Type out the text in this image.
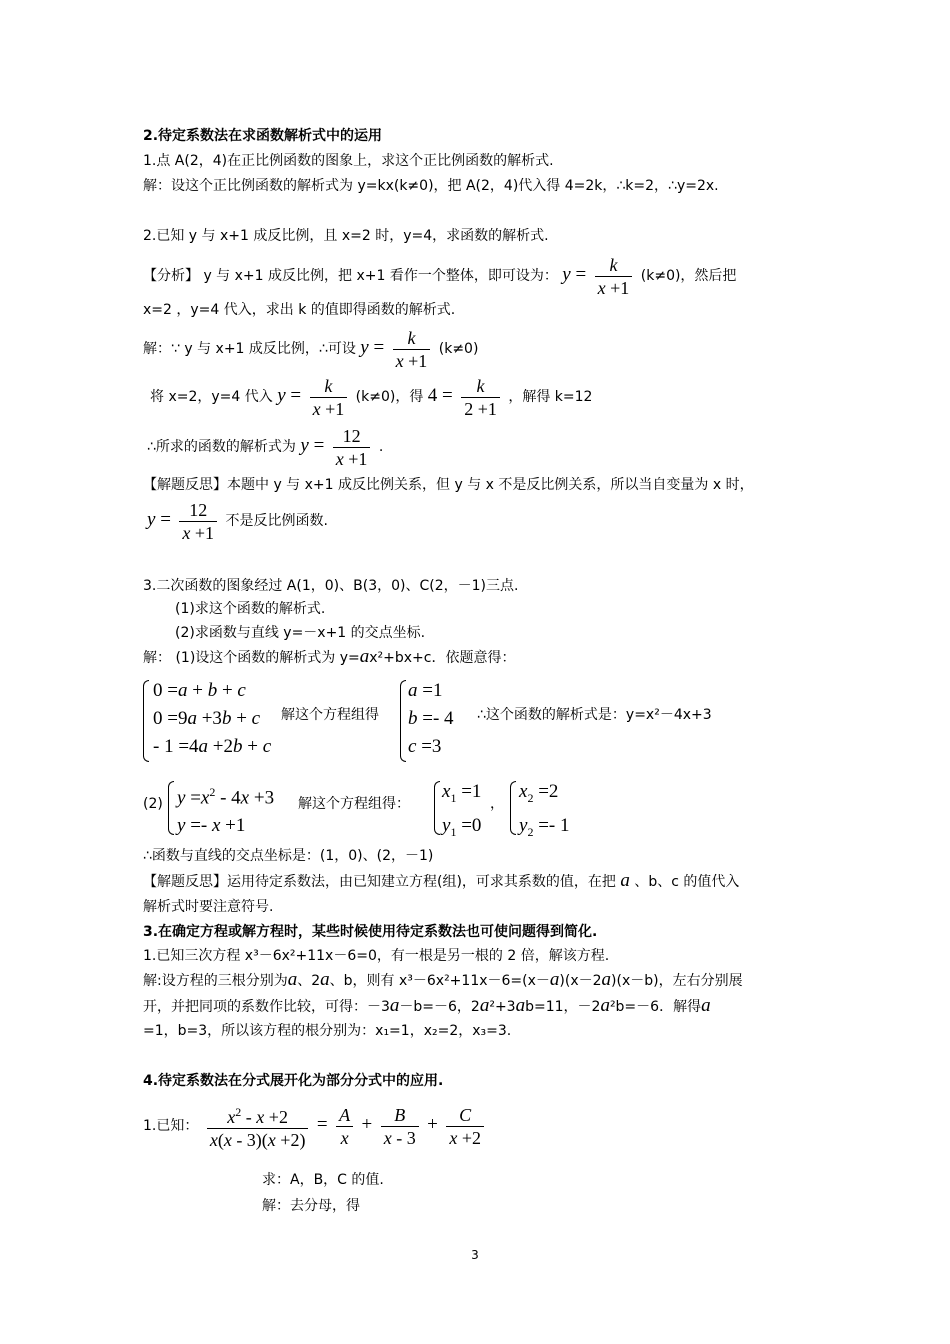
2.待定系数法在求函数解析式中的运用
1.点 A(2，4)在正比例函数的图象上，求这个正比例函数的解析式.
解：设这个正比例函数的解析式为 y=kx(k≠0)，把 A(2，4)代入得 4=2k，∴k=2，∴y=2x.
2.已知 y 与 x+1 成反比例，且 x=2 时，y=4，求函数的解析式.
【分析】 y 与 x+1 成反比例，把 x+1 看作一个整体，即可设为： $y = \frac{k}{x +1} (k\ne 0)$，然后把
x=2 ，y=4 代入，求出 k 的值即得函数的解析式.
解：∵ y 与 x+1 成反比例，∴可设 $y = \frac{k}{x +1} (k\ne 0)$
将 x=2，y=4 代入 $y = \frac{k}{x +1} (k\ne 0)$，得 $4 = \frac{k}{2 +1}$ ，解得 k=12
∴所求的函数的解析式为 $y = \frac{12}{x +1}$ .
【解题反思】本题中 y 与 x+1 成反比例关系，但 y 与 x 不是反比例关系，所以当自变量为 x 时，
$y = \frac{12}{x +1}$ 不是反比例函数.
3.二次函数的图象经过 A(1，0)、B(3，0)、C(2，－1)三点.
(1)求这个函数的解析式.
(2)求函数与直线 y=－x+1 的交点坐标.
解： (1)设这个函数的解析式为 y=ax²+bx+c．依题意得：
0 =a + b + c
0 =9a +3b + c
- 1 =4a +2b + c
解这个方程组得
a =1
b =- 4
c =3
∴这个函数的解析式是：y=x²－4x+3
(2) $y =x^2 - 4x +3$
y =- x +1
解这个方程组得：
$x_1 =1$
$y_1 =0$
，
$x_2 =2$
$y_2 =- 1$
∴函数与直线的交点坐标是：(1，0)、(2，－1)
【解题反思】运用待定系数法，由已知建立方程(组)，可求其系数的值，在把 a 、b、c 的值代入
解析式时要注意符号.
3.在确定方程或解方程时，某些时候使用待定系数法也可使问题得到简化.
1.已知三次方程 x³－6x²+11x－6=0，有一根是另一根的 2 倍，解该方程.
解:设方程的三根分别为a、2a、b，则有 x³－6x²+11x－6=(x－a)(x－2a)(x－b)，左右分别展
开，并把同项的系数作比较，可得：－3a－b=－6，2a²+3ab=11，－2a²b=－6．解得a
=1，b=3，所以该方程的根分别为：x₁=1，x₂=2，x₃=3.
4.待定系数法在分式展开化为部分分式中的应用.
1.已知： $\frac{x^2 - x +2}{x(x - 3)(x +2)} = \frac{A}{x} + \frac{B}{x - 3} + \frac{C}{x +2}$
求：A，B，C 的值.
解：去分母，得
3
